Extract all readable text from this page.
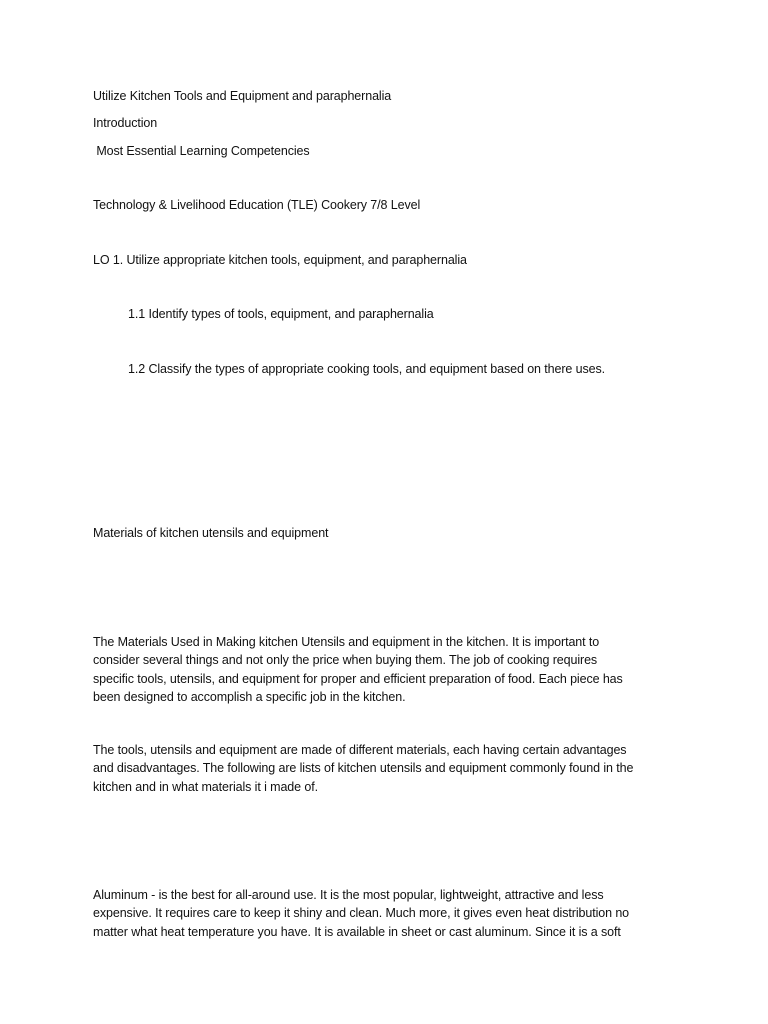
Utilize Kitchen Tools and Equipment and paraphernalia
Introduction
Most Essential Learning Competencies
Technology & Livelihood Education (TLE) Cookery 7/8 Level
LO 1. Utilize appropriate kitchen tools, equipment, and paraphernalia
1.1 Identify types of tools, equipment, and paraphernalia
1.2 Classify the types of appropriate cooking tools, and equipment based on there uses.
Materials of kitchen utensils and equipment
The Materials Used in Making kitchen Utensils and equipment in the kitchen. It is important to
consider several things and not only the price when buying them. The job of cooking requires
specific tools, utensils, and equipment for proper and efficient preparation of food. Each piece has
been designed to accomplish a specific job in the kitchen.
The tools, utensils and equipment are made of different materials, each having certain advantages
and disadvantages. The following are lists of kitchen utensils and equipment commonly found in the
kitchen and in what materials it i made of.
Aluminum - is the best for all-around use. It is the most popular, lightweight, attractive and less
expensive. It requires care to keep it shiny and clean. Much more, it gives even heat distribution no
matter what heat temperature you have. It is available in sheet or cast aluminum. Since it is a soft
